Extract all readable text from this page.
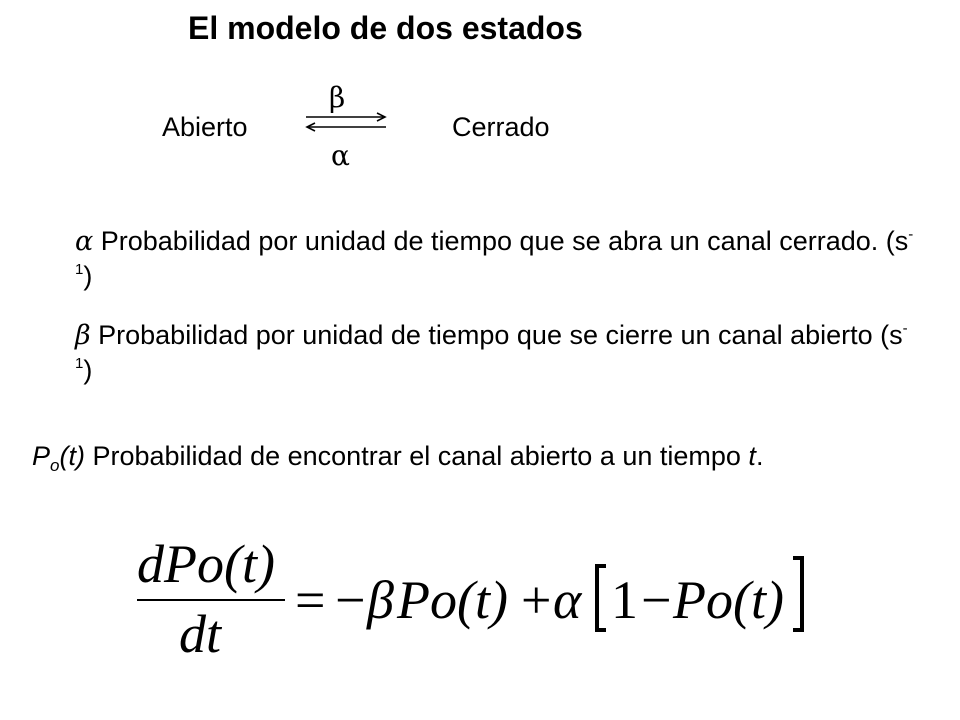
El modelo de dos estados
Abierto
β
Cerrado
α
α Probabilidad por unidad de tiempo que se abra un canal cerrado. $(s^{-1})$
β Probabilidad por unidad de tiempo que se cierre un canal abierto $(s^{-1})$
$P_o(t)$ Probabilidad de encontrar el canal abierto a un tiempo t.
dPo(t)
dt
= − β Po(t) + α 1 − Po(t)
